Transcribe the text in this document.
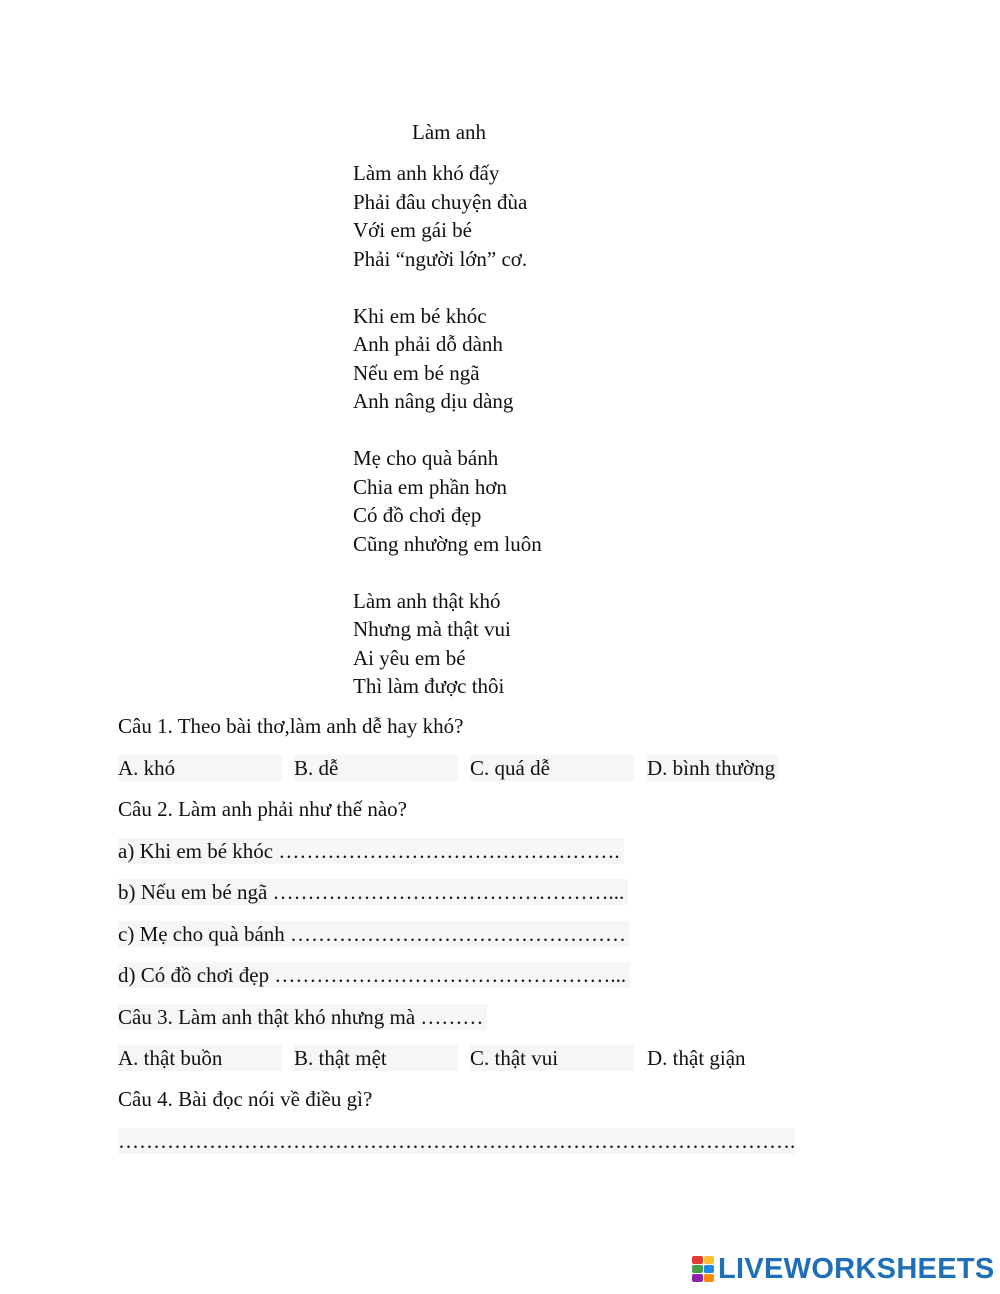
Làm anh
Làm anh khó đấy
Phải đâu chuyện đùa
Với em gái bé
Phải “người lớn” cơ.
Khi em bé khóc
Anh phải dỗ dành
Nếu em bé ngã
Anh nâng dịu dàng
Mẹ cho quà bánh
Chia em phần hơn
Có đồ chơi đẹp
Cũng nhường em luôn
Làm anh thật khó
Nhưng mà thật vui
Ai yêu em bé
Thì làm được thôi
Câu 1. Theo bài thơ,làm anh dễ hay khó?
A. khó	B. dễ	C. quá dễ	D. bình thường
Câu 2. Làm anh phải như thế nào?
a) Khi em bé khóc ………………………………………….
b) Nếu em bé ngã …………………………………………...
c) Mẹ cho quà bánh …………………………………………
d) Có đồ chơi đẹp …………………………………………...
Câu 3. Làm anh thật khó nhưng mà ………
A. thật buồn	B. thật mệt	C. thật vui	D. thật giận
Câu 4. Bài đọc nói về điều gì?
…………………………………………………………………………………….
LIVEWORKSHEETS
